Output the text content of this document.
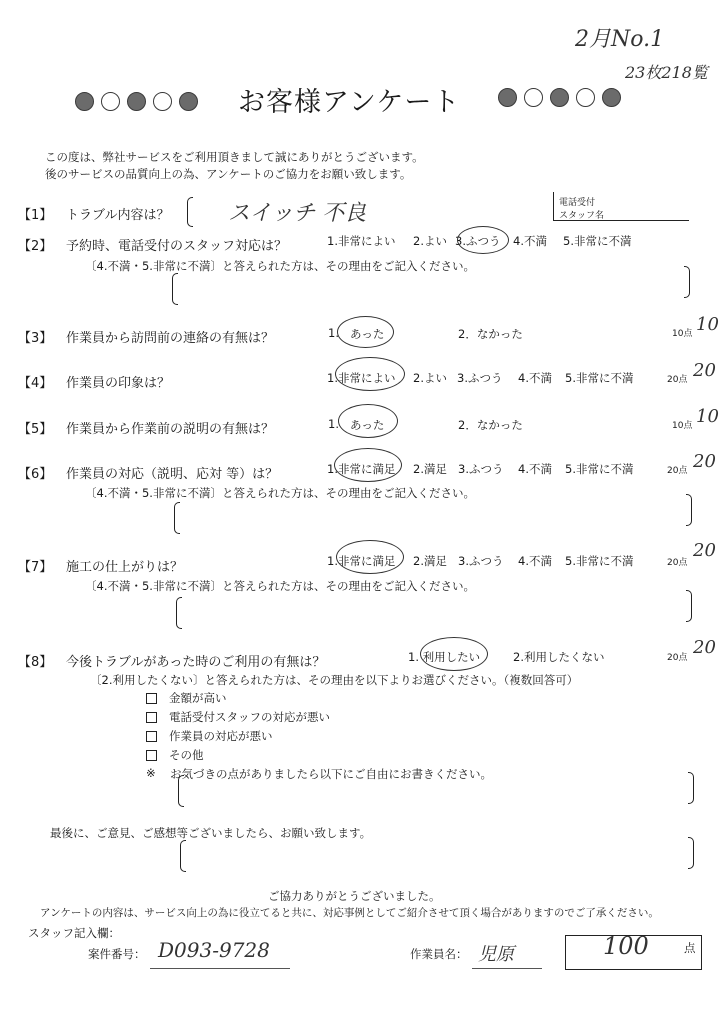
2月No.1
23枚218覧
お客様アンケート
この度は、弊社サービスをご利用頂きまして誠にありがとうございます。
後のサービスの品質向上の為、アンケートのご協力をお願い致します。
電話受付
スタッフ名
【1】 トラブル内容は？	スイッチ 不良
【2】 予約時、電話受付のスタッフ対応は？	1.非常によい 2.よい 3.ふつう 4.不満 5.非常に不満
〔4.不満・5.非常に不満〕と答えられた方は、その理由をご記入ください。
【3】 作業員から訪問前の連絡の有無は？	1. あった	2．なかった	10点 10
【4】 作業員の印象は？	1.非常によい 2.よい 3.ふつう 4.不満 5.非常に不満	20点 20
【5】 作業員から作業前の説明の有無は？	1. あった	2．なかった	10点 10
【6】 作業員の対応（説明、応対 等）は？	1.非常に満足 2.満足 3.ふつう 4.不満 5.非常に不満	20点 20
〔4.不満・5.非常に不満〕と答えられた方は、その理由をご記入ください。
【7】 施工の仕上がりは？	1.非常に満足 2.満足 3.ふつう 4.不満 5.非常に不満	20点
20
〔4.不満・5.非常に不満〕と答えられた方は、その理由をご記入ください。
【8】 今後トラブルがあった時のご利用の有無は？	1. 利用したい	2.利用したくない	20点 20
〔2.利用したくない〕と答えられた方は、その理由を以下よりお選びください。（複数回答可）
金額が高い
電話受付スタッフの対応が悪い
作業員の対応が悪い
その他
※ お気づきの点がありましたら以下にご自由にお書きください。
最後に、ご意見、ご感想等ございましたら、お願い致します。
ご協力ありがとうございました。
アンケートの内容は、サービス向上の為に役立てると共に、対応事例としてご紹介させて頂く場合がありますのでご了承ください。
スタッフ記入欄：
案件番号： D093-9728	作業員名： 児原	100	点
